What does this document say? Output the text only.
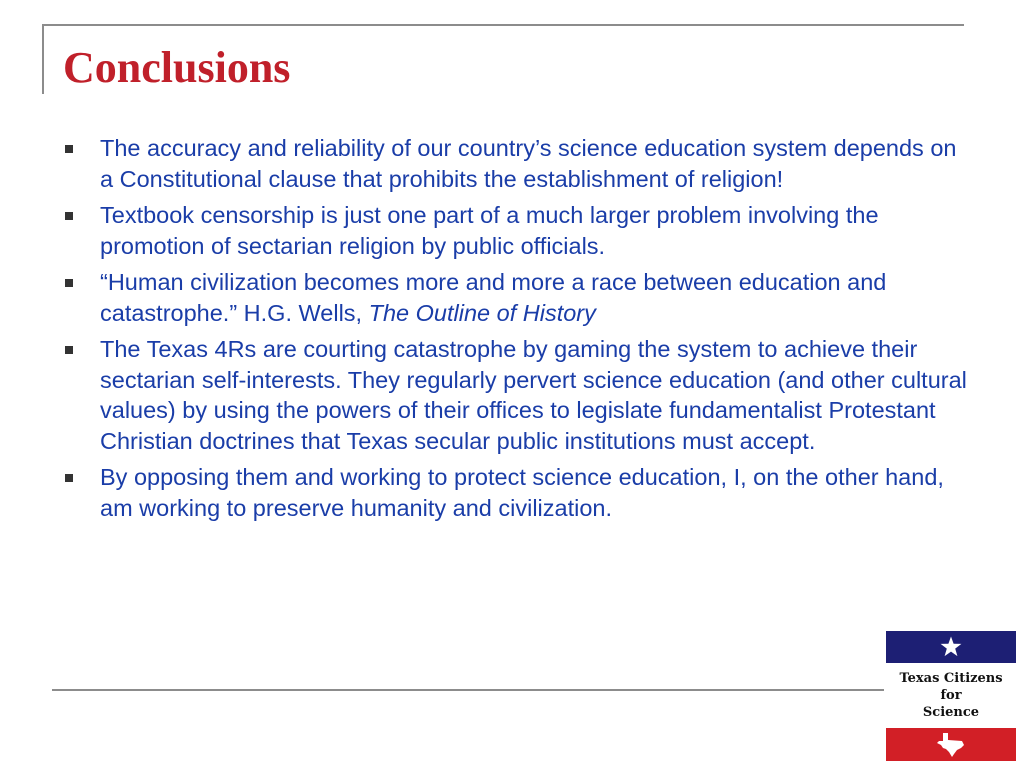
Conclusions
The accuracy and reliability of our country’s science education system depends on a Constitutional clause that prohibits the establishment of religion!
Textbook censorship is just one part of a much larger problem involving the promotion of sectarian religion by public officials.
“Human civilization becomes more and more a race between education and catastrophe.” H.G. Wells, The Outline of History
The Texas 4Rs are courting catastrophe by gaming the system to achieve their sectarian self-interests. They regularly pervert science education (and other cultural values) by using the powers of their offices to legislate fundamentalist Protestant Christian doctrines that Texas secular public institutions must accept.
By opposing them and working to protect science education, I, on the other hand, am working to preserve humanity and civilization.
Texas Citizens
for
Science
